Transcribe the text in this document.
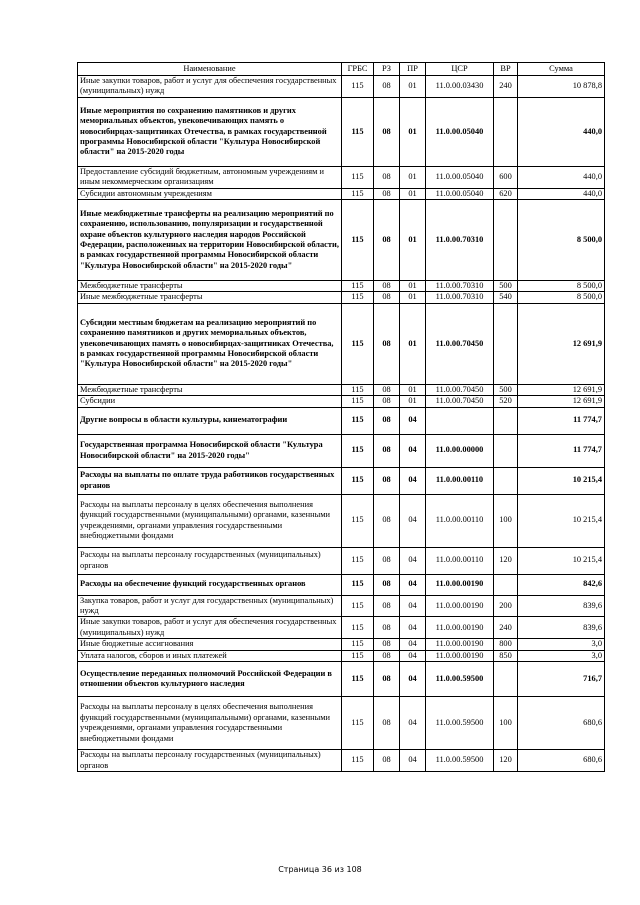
Наименование	ГРБС	РЗ	ПР	ЦСР	ВР	Сумма
Иные закупки товаров, работ и услуг для обеспечения государственных (муниципальных) нужд	115	08	01	11.0.00.03430	240	10 878,8
Иные мероприятия по сохранению памятников и других мемориальных объектов, увековечивающих память о новосибирцах-защитниках Отечества, в рамках государственной программы Новосибирской области "Культура Новосибирской области" на 2015-2020 годы	115	08	01	11.0.00.05040		440,0
Предоставление субсидий бюджетным, автономным учреждениям и иным некоммерческим организациям	115	08	01	11.0.00.05040	600	440,0
Субсидии автономным учреждениям	115	08	01	11.0.00.05040	620	440,0
Иные межбюджетные трансферты на реализацию мероприятий по сохранению, использованию, популяризации и государственной охране объектов культурного наследия народов Российской Федерации, расположенных на территории Новосибирской области, в рамках государственной программы Новосибирской области "Культура Новосибирской области" на 2015-2020 годы"	115	08	01	11.0.00.70310		8 500,0
Межбюджетные трансферты	115	08	01	11.0.00.70310	500	8 500,0
Иные межбюджетные трансферты	115	08	01	11.0.00.70310	540	8 500,0
Субсидии местным бюджетам на реализацию мероприятий по сохранению памятников и других мемориальных объектов, увековечивающих память о новосибирцах-защитниках Отечества, в рамках государственной программы Новосибирской области "Культура Новосибирской области" на 2015-2020 годы"	115	08	01	11.0.00.70450		12 691,9
Межбюджетные трансферты	115	08	01	11.0.00.70450	500	12 691,9
Субсидии	115	08	01	11.0.00.70450	520	12 691,9
Другие вопросы в области культуры, кинематографии	115	08	04			11 774,7
Государственная программа Новосибирской области "Культура Новосибирской области" на 2015-2020 годы"	115	08	04	11.0.00.00000		11 774,7
Расходы на выплаты по оплате труда работников государственных органов	115	08	04	11.0.00.00110		10 215,4
Расходы на выплаты персоналу в целях обеспечения выполнения функций государственными (муниципальными) органами, казенными учреждениями, органами управления государственными внебюджетными фондами	115	08	04	11.0.00.00110	100	10 215,4
Расходы на выплаты персоналу государственных (муниципальных) органов	115	08	04	11.0.00.00110	120	10 215,4
Расходы на обеспечение функций государственных органов	115	08	04	11.0.00.00190		842,6
Закупка товаров, работ и услуг для государственных (муниципальных) нужд	115	08	04	11.0.00.00190	200	839,6
Иные закупки товаров, работ и услуг для обеспечения государственных (муниципальных) нужд	115	08	04	11.0.00.00190	240	839,6
Иные бюджетные ассигнования	115	08	04	11.0.00.00190	800	3,0
Уплата налогов, сборов и иных платежей	115	08	04	11.0.00.00190	850	3,0
Осуществление переданных полномочий Российской Федерации в отношении объектов культурного наследия	115	08	04	11.0.00.59500		716,7
Расходы на выплаты персоналу в целях обеспечения выполнения функций государственными (муниципальными) органами, казенными учреждениями, органами управления государственными внебюджетными фондами	115	08	04	11.0.00.59500	100	680,6
Расходы на выплаты персоналу государственных (муниципальных) органов	115	08	04	11.0.00.59500	120	680,6
Страница 36 из 108
